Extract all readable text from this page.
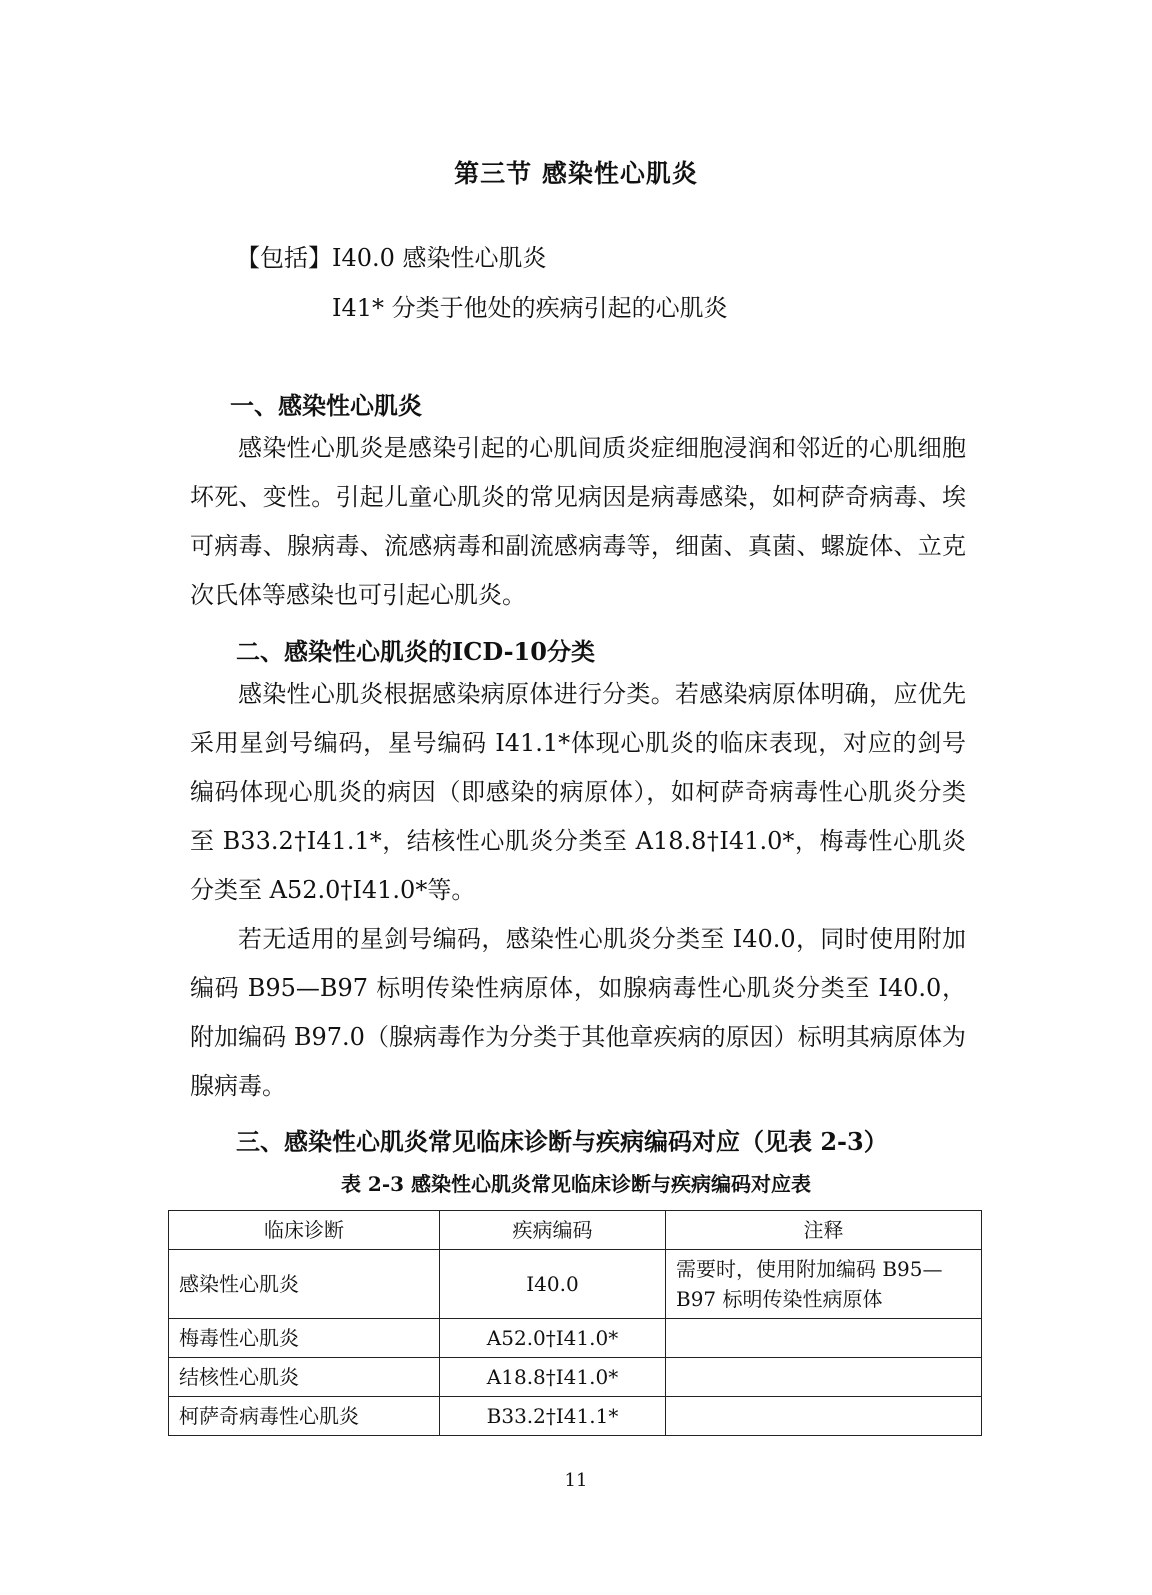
第三节 感染性心肌炎
【包括】I40.0 感染性心肌炎
I41* 分类于他处的疾病引起的心肌炎
一、感染性心肌炎

感染性心肌炎是感染引起的心肌间质炎症细胞浸润和邻近的心肌细胞坏死、变性。引起儿童心肌炎的常见病因是病毒感染，如柯萨奇病毒、埃可病毒、腺病毒、流感病毒和副流感病毒等，细菌、真菌、螺旋体、立克次氏体等感染也可引起心肌炎。

二、感染性心肌炎的ICD-10分类

感染性心肌炎根据感染病原体进行分类。若感染病原体明确，应优先采用星剑号编码，星号编码 I41.1*体现心肌炎的临床表现，对应的剑号编码体现心肌炎的病因（即感染的病原体），如柯萨奇病毒性心肌炎分类至 B33.2†I41.1*，结核性心肌炎分类至 A18.8†I41.0*，梅毒性心肌炎分类至 A52.0†I41.0*等。

若无适用的星剑号编码，感染性心肌炎分类至 I40.0，同时使用附加编码 B95—B97 标明传染性病原体，如腺病毒性心肌炎分类至 I40.0，附加编码 B97.0（腺病毒作为分类于其他章疾病的原因）标明其病原体为腺病毒。

三、感染性心肌炎常见临床诊断与疾病编码对应（见表 2-3）
表 2-3 感染性心肌炎常见临床诊断与疾病编码对应表
临床诊断	疾病编码	注释
感染性心肌炎	I40.0	需要时，使用附加编码 B95—B97 标明传染性病原体
梅毒性心肌炎	A52.0†I41.0*	
结核性心肌炎	A18.8†I41.0*	
柯萨奇病毒性心肌炎	B33.2†I41.1*	
11
